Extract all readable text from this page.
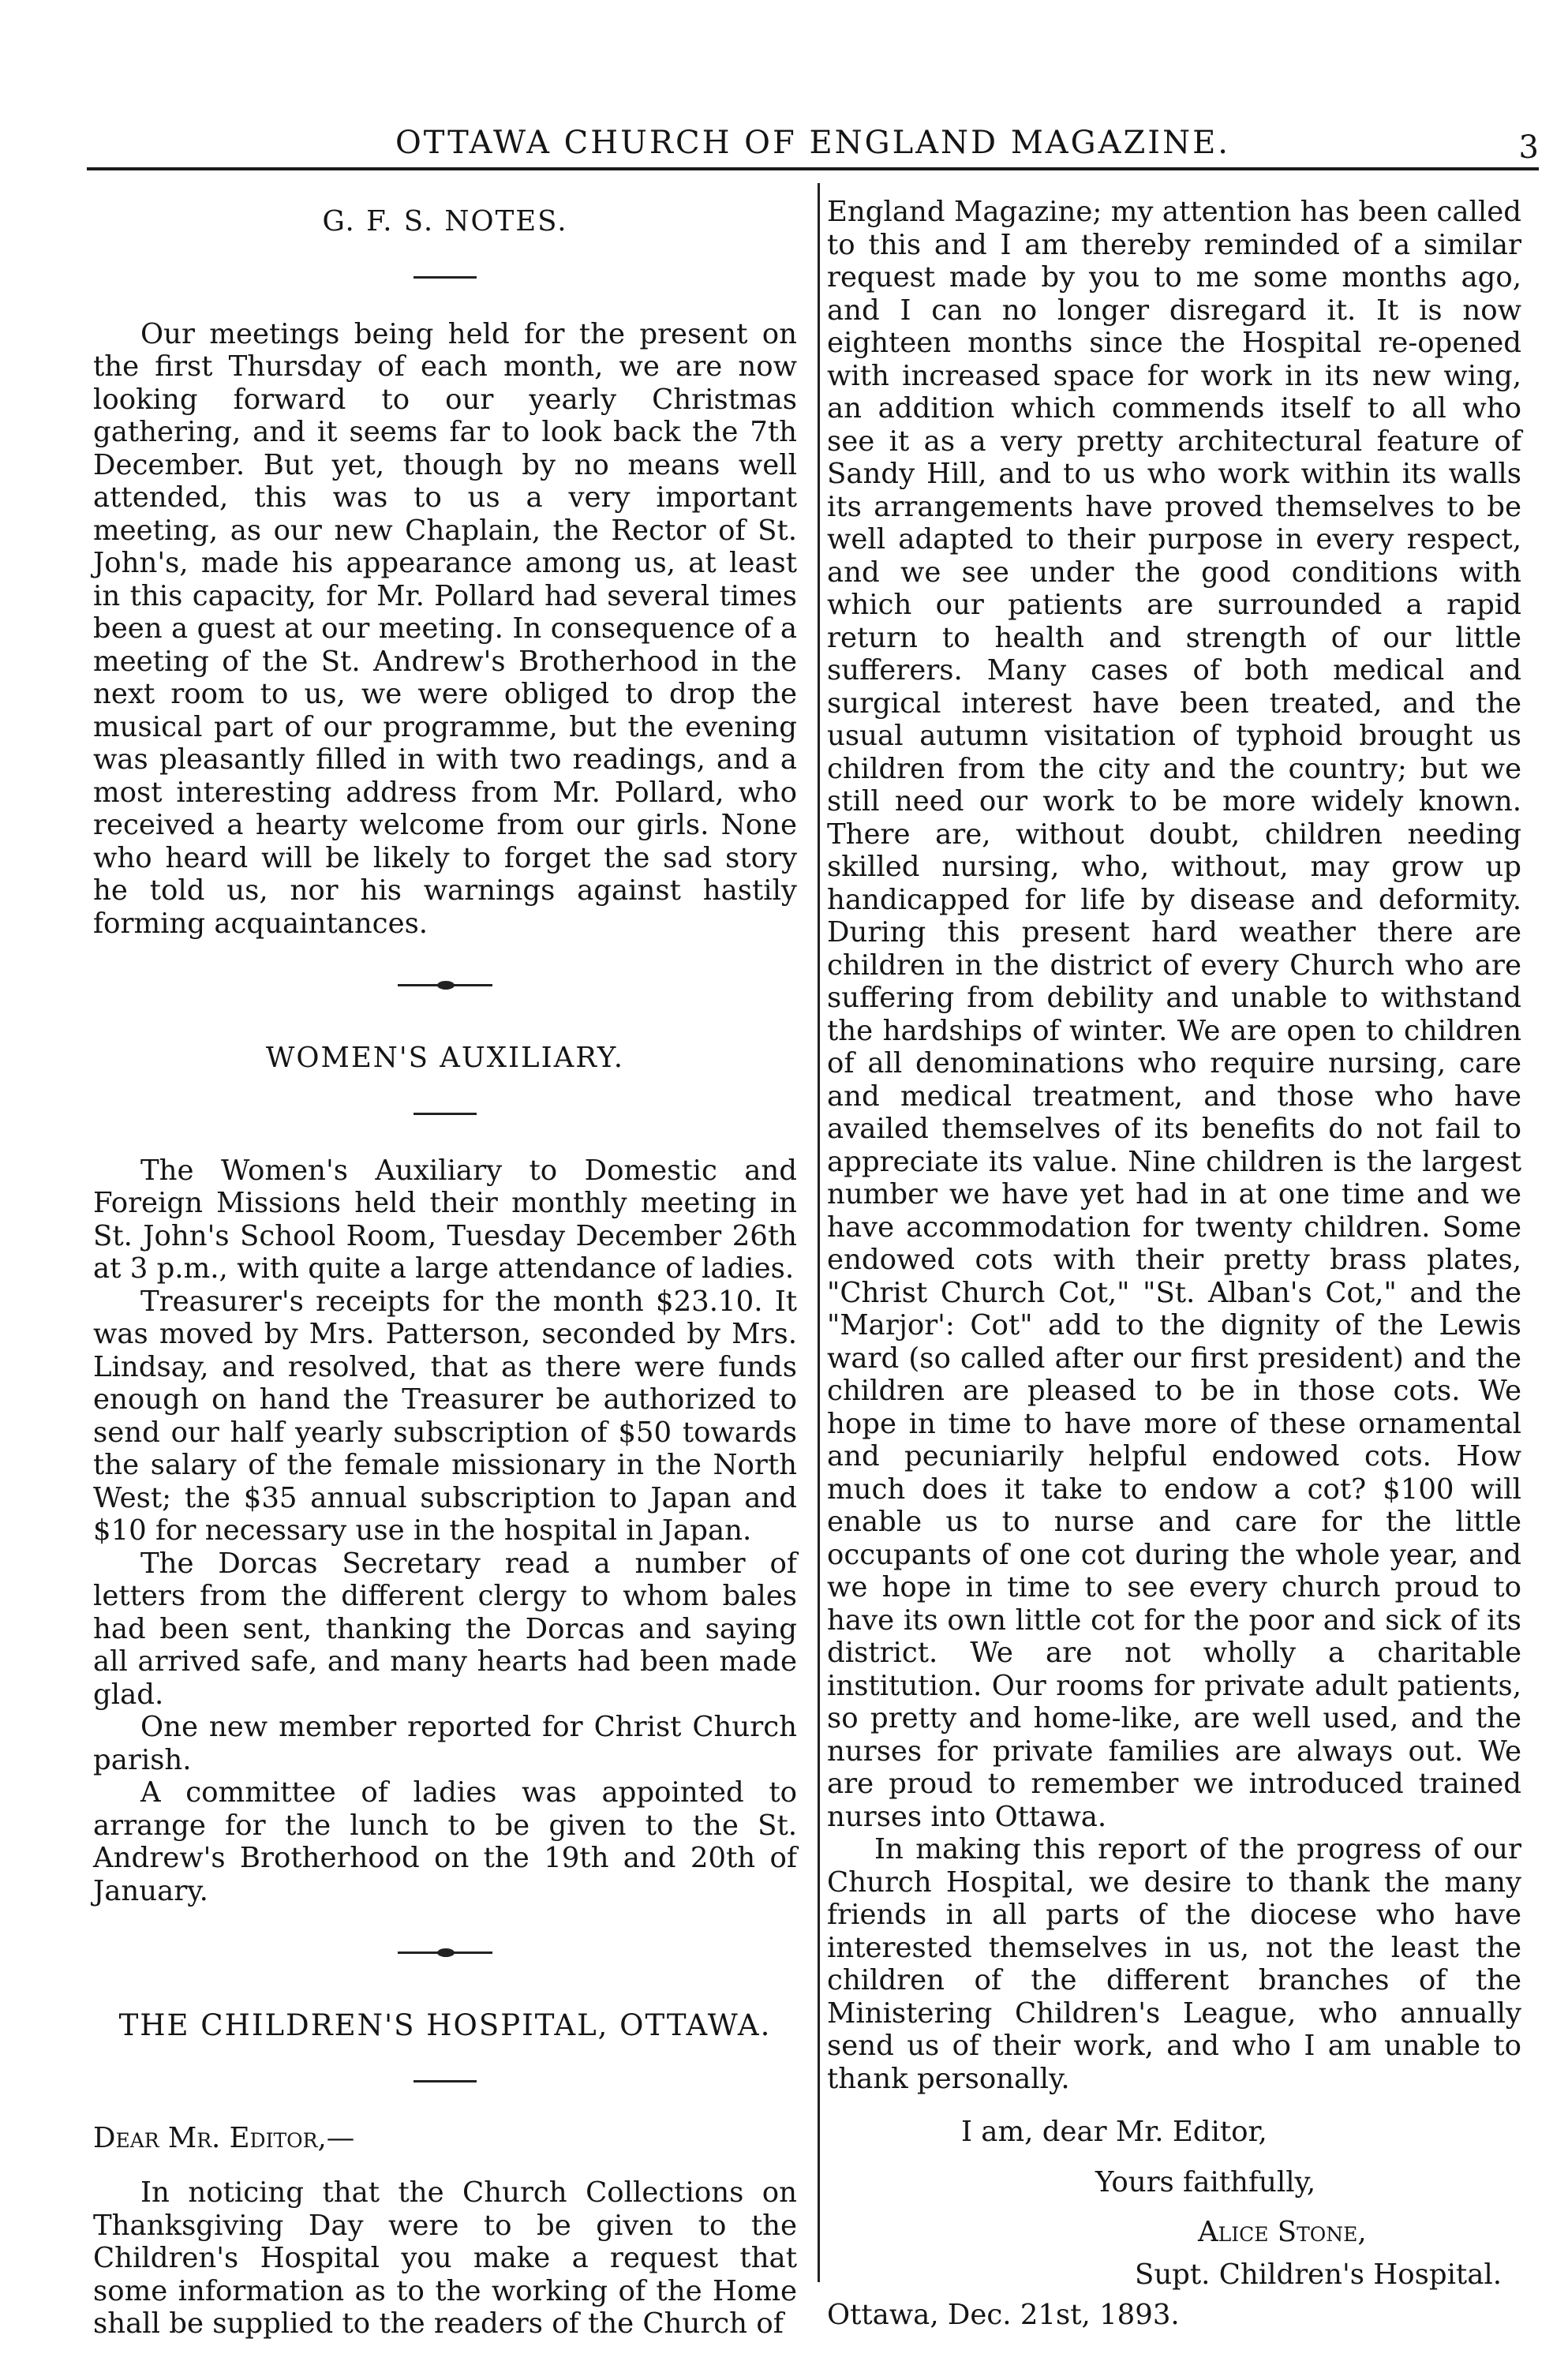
OTTAWA CHURCH OF ENGLAND MAGAZINE.	3
G. F. S. NOTES.

Our meetings being held for the present on the first Thursday of each month, we are now looking forward to our yearly Christmas gathering, and it seems far to look back the 7th December. But yet, though by no means well attended, this was to us a very important meeting, as our new Chaplain, the Rector of St. John's, made his appearance among us, at least in this capacity, for Mr. Pollard had several times been a guest at our meeting. In consequence of a meeting of the St. Andrew's Brotherhood in the next room to us, we were obliged to drop the musical part of our programme, but the evening was pleasantly filled in with two readings, and a most interesting address from Mr. Pollard, who received a hearty welcome from our girls. None who heard will be likely to forget the sad story he told us, nor his warnings against hastily forming acquaintances.

WOMEN'S AUXILIARY.

The Women's Auxiliary to Domestic and Foreign Missions held their monthly meeting in St. John's School Room, Tuesday December 26th at 3 p.m., with quite a large attendance of ladies.

Treasurer's receipts for the month $23.10. It was moved by Mrs. Patterson, seconded by Mrs. Lindsay, and resolved, that as there were funds enough on hand the Treasurer be authorized to send our half yearly subscription of $50 towards the salary of the female missionary in the North West; the $35 annual subscription to Japan and $10 for necessary use in the hospital in Japan.

The Dorcas Secretary read a number of letters from the different clergy to whom bales had been sent, thanking the Dorcas and saying all arrived safe, and many hearts had been made glad.

One new member reported for Christ Church parish.

A committee of ladies was appointed to arrange for the lunch to be given to the St. Andrew's Brotherhood on the 19th and 20th of January.

THE CHILDREN'S HOSPITAL, OTTAWA.

Dear Mr. Editor,—

In noticing that the Church Collections on Thanksgiving Day were to be given to the Children's Hospital you make a request that some information as to the working of the Home shall be supplied to the readers of the Church of

England Magazine; my attention has been called to this and I am thereby reminded of a similar request made by you to me some months ago, and I can no longer disregard it. It is now eighteen months since the Hospital re-opened with increased space for work in its new wing, an addition which commends itself to all who see it as a very pretty architectural feature of Sandy Hill, and to us who work within its walls its arrangements have proved themselves to be well adapted to their purpose in every respect, and we see under the good conditions with which our patients are surrounded a rapid return to health and strength of our little sufferers. Many cases of both medical and surgical interest have been treated, and the usual autumn visitation of typhoid brought us children from the city and the country; but we still need our work to be more widely known. There are, without doubt, children needing skilled nursing, who, without, may grow up handicapped for life by disease and deformity. During this present hard weather there are children in the district of every Church who are suffering from debility and unable to withstand the hardships of winter. We are open to children of all denominations who require nursing, care and medical treatment, and those who have availed themselves of its benefits do not fail to appreciate its value. Nine children is the largest number we have yet had in at one time and we have accommodation for twenty children. Some endowed cots with their pretty brass plates, "Christ Church Cot," "St. Alban's Cot," and the "Marjor': Cot" add to the dignity of the Lewis ward (so called after our first president) and the children are pleased to be in those cots. We hope in time to have more of these ornamental and pecuniarily helpful endowed cots. How much does it take to endow a cot? $100 will enable us to nurse and care for the little occupants of one cot during the whole year, and we hope in time to see every church proud to have its own little cot for the poor and sick of its district. We are not wholly a charitable institution. Our rooms for private adult patients, so pretty and home-like, are well used, and the nurses for private families are always out. We are proud to remember we introduced trained nurses into Ottawa.

In making this report of the progress of our Church Hospital, we desire to thank the many friends in all parts of the diocese who have interested themselves in us, not the least the children of the different branches of the Ministering Children's League, who annually send us of their work, and who I am unable to thank personally.

I am, dear Mr. Editor,

Yours faithfully,

Alice Stone,

Supt. Children's Hospital.

Ottawa, Dec. 21st, 1893.
